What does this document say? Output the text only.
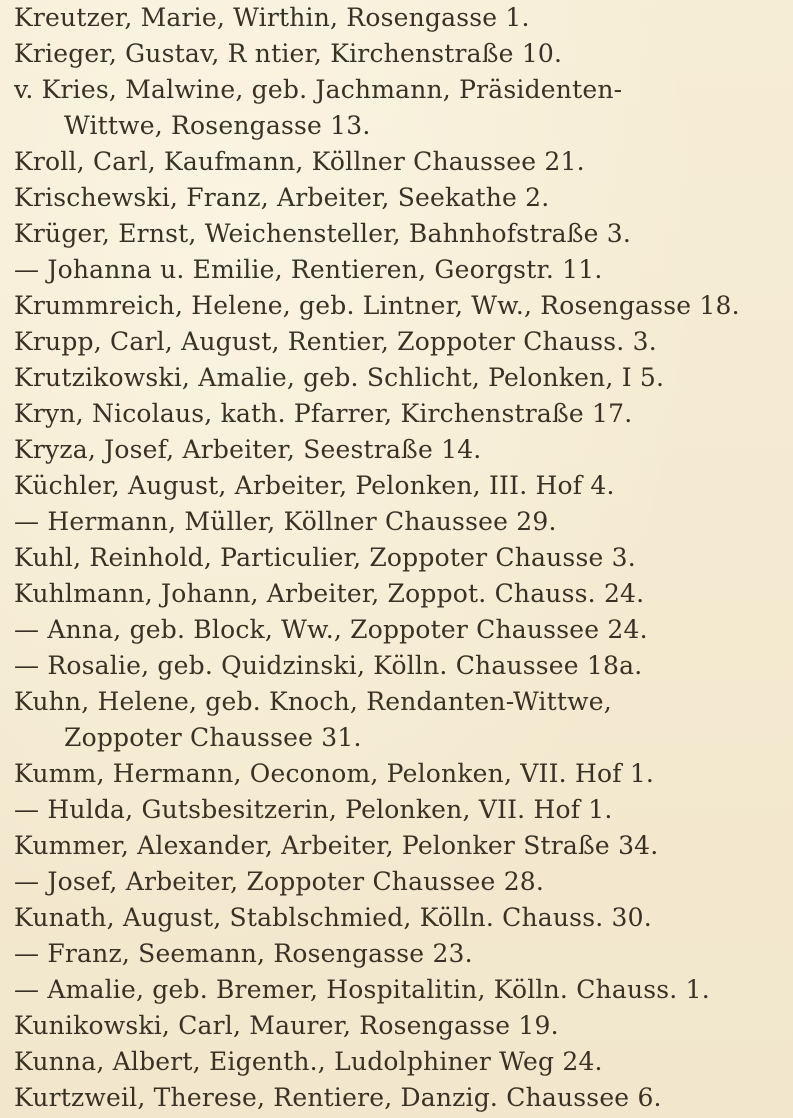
Kreutzer, Marie, Wirthin, Rosengasse 1.
Krieger, Gustav, R ntier, Kirchenstraße 10.
v. Kries, Malwine, geb. Jachmann, Präsidenten-
Wittwe, Rosengasse 13.
Kroll, Carl, Kaufmann, Köllner Chaussee 21.
Krischewski, Franz, Arbeiter, Seekathe 2.
Krüger, Ernst, Weichensteller, Bahnhofstraße 3.
— Johanna u. Emilie, Rentieren, Georgstr. 11.
Krummreich, Helene, geb. Lintner, Ww., Rosengasse 18.
Krupp, Carl, August, Rentier, Zoppoter Chauss. 3.
Krutzikowski, Amalie, geb. Schlicht, Pelonken, I 5.
Kryn, Nicolaus, kath. Pfarrer, Kirchenstraße 17.
Kryza, Josef, Arbeiter, Seestraße 14.
Küchler, August, Arbeiter, Pelonken, III. Hof 4.
— Hermann, Müller, Köllner Chaussee 29.
Kuhl, Reinhold, Particulier, Zoppoter Chausse 3.
Kuhlmann, Johann, Arbeiter, Zoppot. Chauss. 24.
— Anna, geb. Block, Ww., Zoppoter Chaussee 24.
— Rosalie, geb. Quidzinski, Kölln. Chaussee 18a.
Kuhn, Helene, geb. Knoch, Rendanten-Wittwe,
Zoppoter Chaussee 31.
Kumm, Hermann, Oeconom, Pelonken, VII. Hof 1.
— Hulda, Gutsbesitzerin, Pelonken, VII. Hof 1.
Kummer, Alexander, Arbeiter, Pelonker Straße 34.
— Josef, Arbeiter, Zoppoter Chaussee 28.
Kunath, August, Stablschmied, Kölln. Chauss. 30.
— Franz, Seemann, Rosengasse 23.
— Amalie, geb. Bremer, Hospitalitin, Kölln. Chauss. 1.
Kunikowski, Carl, Maurer, Rosengasse 19.
Kunna, Albert, Eigenth., Ludolphiner Weg 24.
Kurtzweil, Therese, Rentiere, Danzig. Chaussee 6.
